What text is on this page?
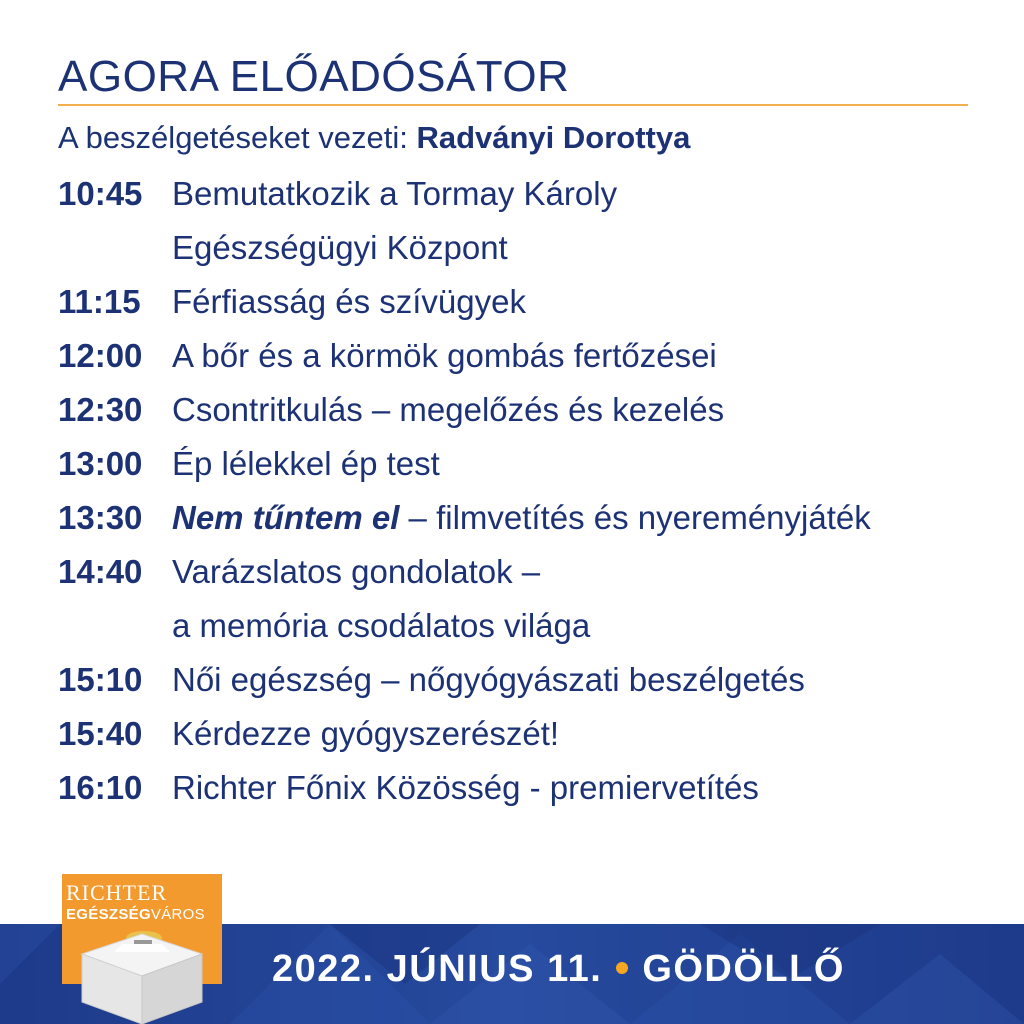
AGORA ELŐADÓSÁTOR
A beszélgetéseket vezeti: Radványi Dorottya
10:45 Bemutatkozik a Tormay Károly
Egészségügyi Központ
11:15 Férfiasság és szívügyek
12:00 A bőr és a körmök gombás fertőzései
12:30 Csontritkulás – megelőzés és kezelés
13:00 Ép lélekkel ép test
13:30 Nem tűntem el – filmvetítés és nyereményjáték
14:40 Varázslatos gondolatok –
a memória csodálatos világa
15:10 Női egészség – nőgyógyászati beszélgetés
15:40 Kérdezze gyógyszerészét!
16:10 Richter Főnix Közösség - premiervetítés
2022. JÚNIUS 11. GÖDÖLLŐ
RICHTER
EGÉSZSÉGVÁROS
